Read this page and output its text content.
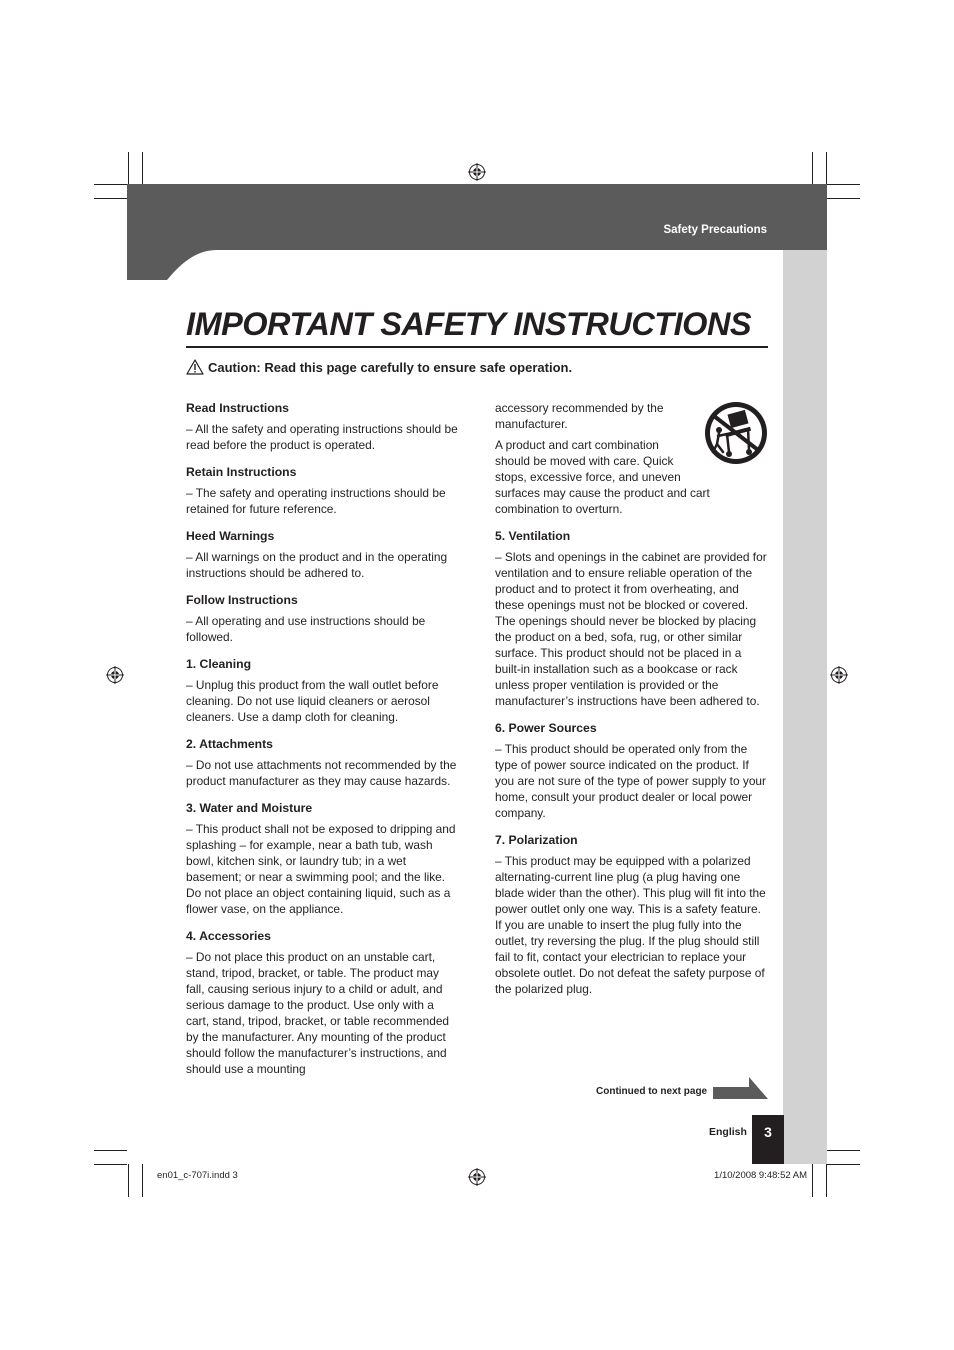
Safety Precautions
IMPORTANT SAFETY INSTRUCTIONS
Caution: Read this page carefully to ensure safe operation.
Read Instructions

– All the safety and operating instructions should be read before the product is operated.

Retain Instructions

– The safety and operating instructions should be retained for future reference.

Heed Warnings

– All warnings on the product and in the operating instructions should be adhered to.

Follow Instructions

– All operating and use instructions should be followed.

1. Cleaning

– Unplug this product from the wall outlet before cleaning. Do not use liquid cleaners or aerosol cleaners. Use a damp cloth for cleaning.

2. Attachments

– Do not use attachments not recommended by the product manufacturer as they may cause hazards.

3. Water and Moisture

– This product shall not be exposed to dripping and splashing – for example, near a bath tub, wash bowl, kitchen sink, or laundry tub; in a wet basement; or near a swimming pool; and the like. Do not place an object containing liquid, such as a flower vase, on the appliance.

4. Accessories

– Do not place this product on an unstable cart, stand, tripod, bracket, or table. The product may fall, causing serious injury to a child or adult, and serious damage to the product. Use only with a cart, stand, tripod, bracket, or table recommended by the manufacturer. Any mounting of the product should follow the manufacturer’s instructions, and should use a mounting

accessory recommended by the manufacturer.

A product and cart combination should be moved with care. Quick stops, excessive force, and uneven surfaces may cause the product and cart combination to overturn.

5. Ventilation

– Slots and openings in the cabinet are provided for ventilation and to ensure reliable operation of the product and to protect it from overheating, and these openings must not be blocked or covered. The openings should never be blocked by placing the product on a bed, sofa, rug, or other similar surface. This product should not be placed in a built-in installation such as a bookcase or rack unless proper ventilation is provided or the manufacturer’s instructions have been adhered to.

6. Power Sources

– This product should be operated only from the type of power source indicated on the product. If you are not sure of the type of power supply to your home, consult your product dealer or local power company.

7. Polarization

– This product may be equipped with a polarized alternating-current line plug (a plug having one blade wider than the other). This plug will fit into the power outlet only one way. This is a safety feature. If you are unable to insert the plug fully into the outlet, try reversing the plug. If the plug should still fail to fit, contact your electrician to replace your obsolete outlet. Do not defeat the safety purpose of the polarized plug.

Continued to next page
English	3
en01_c-707i.indd 3	1/10/2008 9:48:52 AM
